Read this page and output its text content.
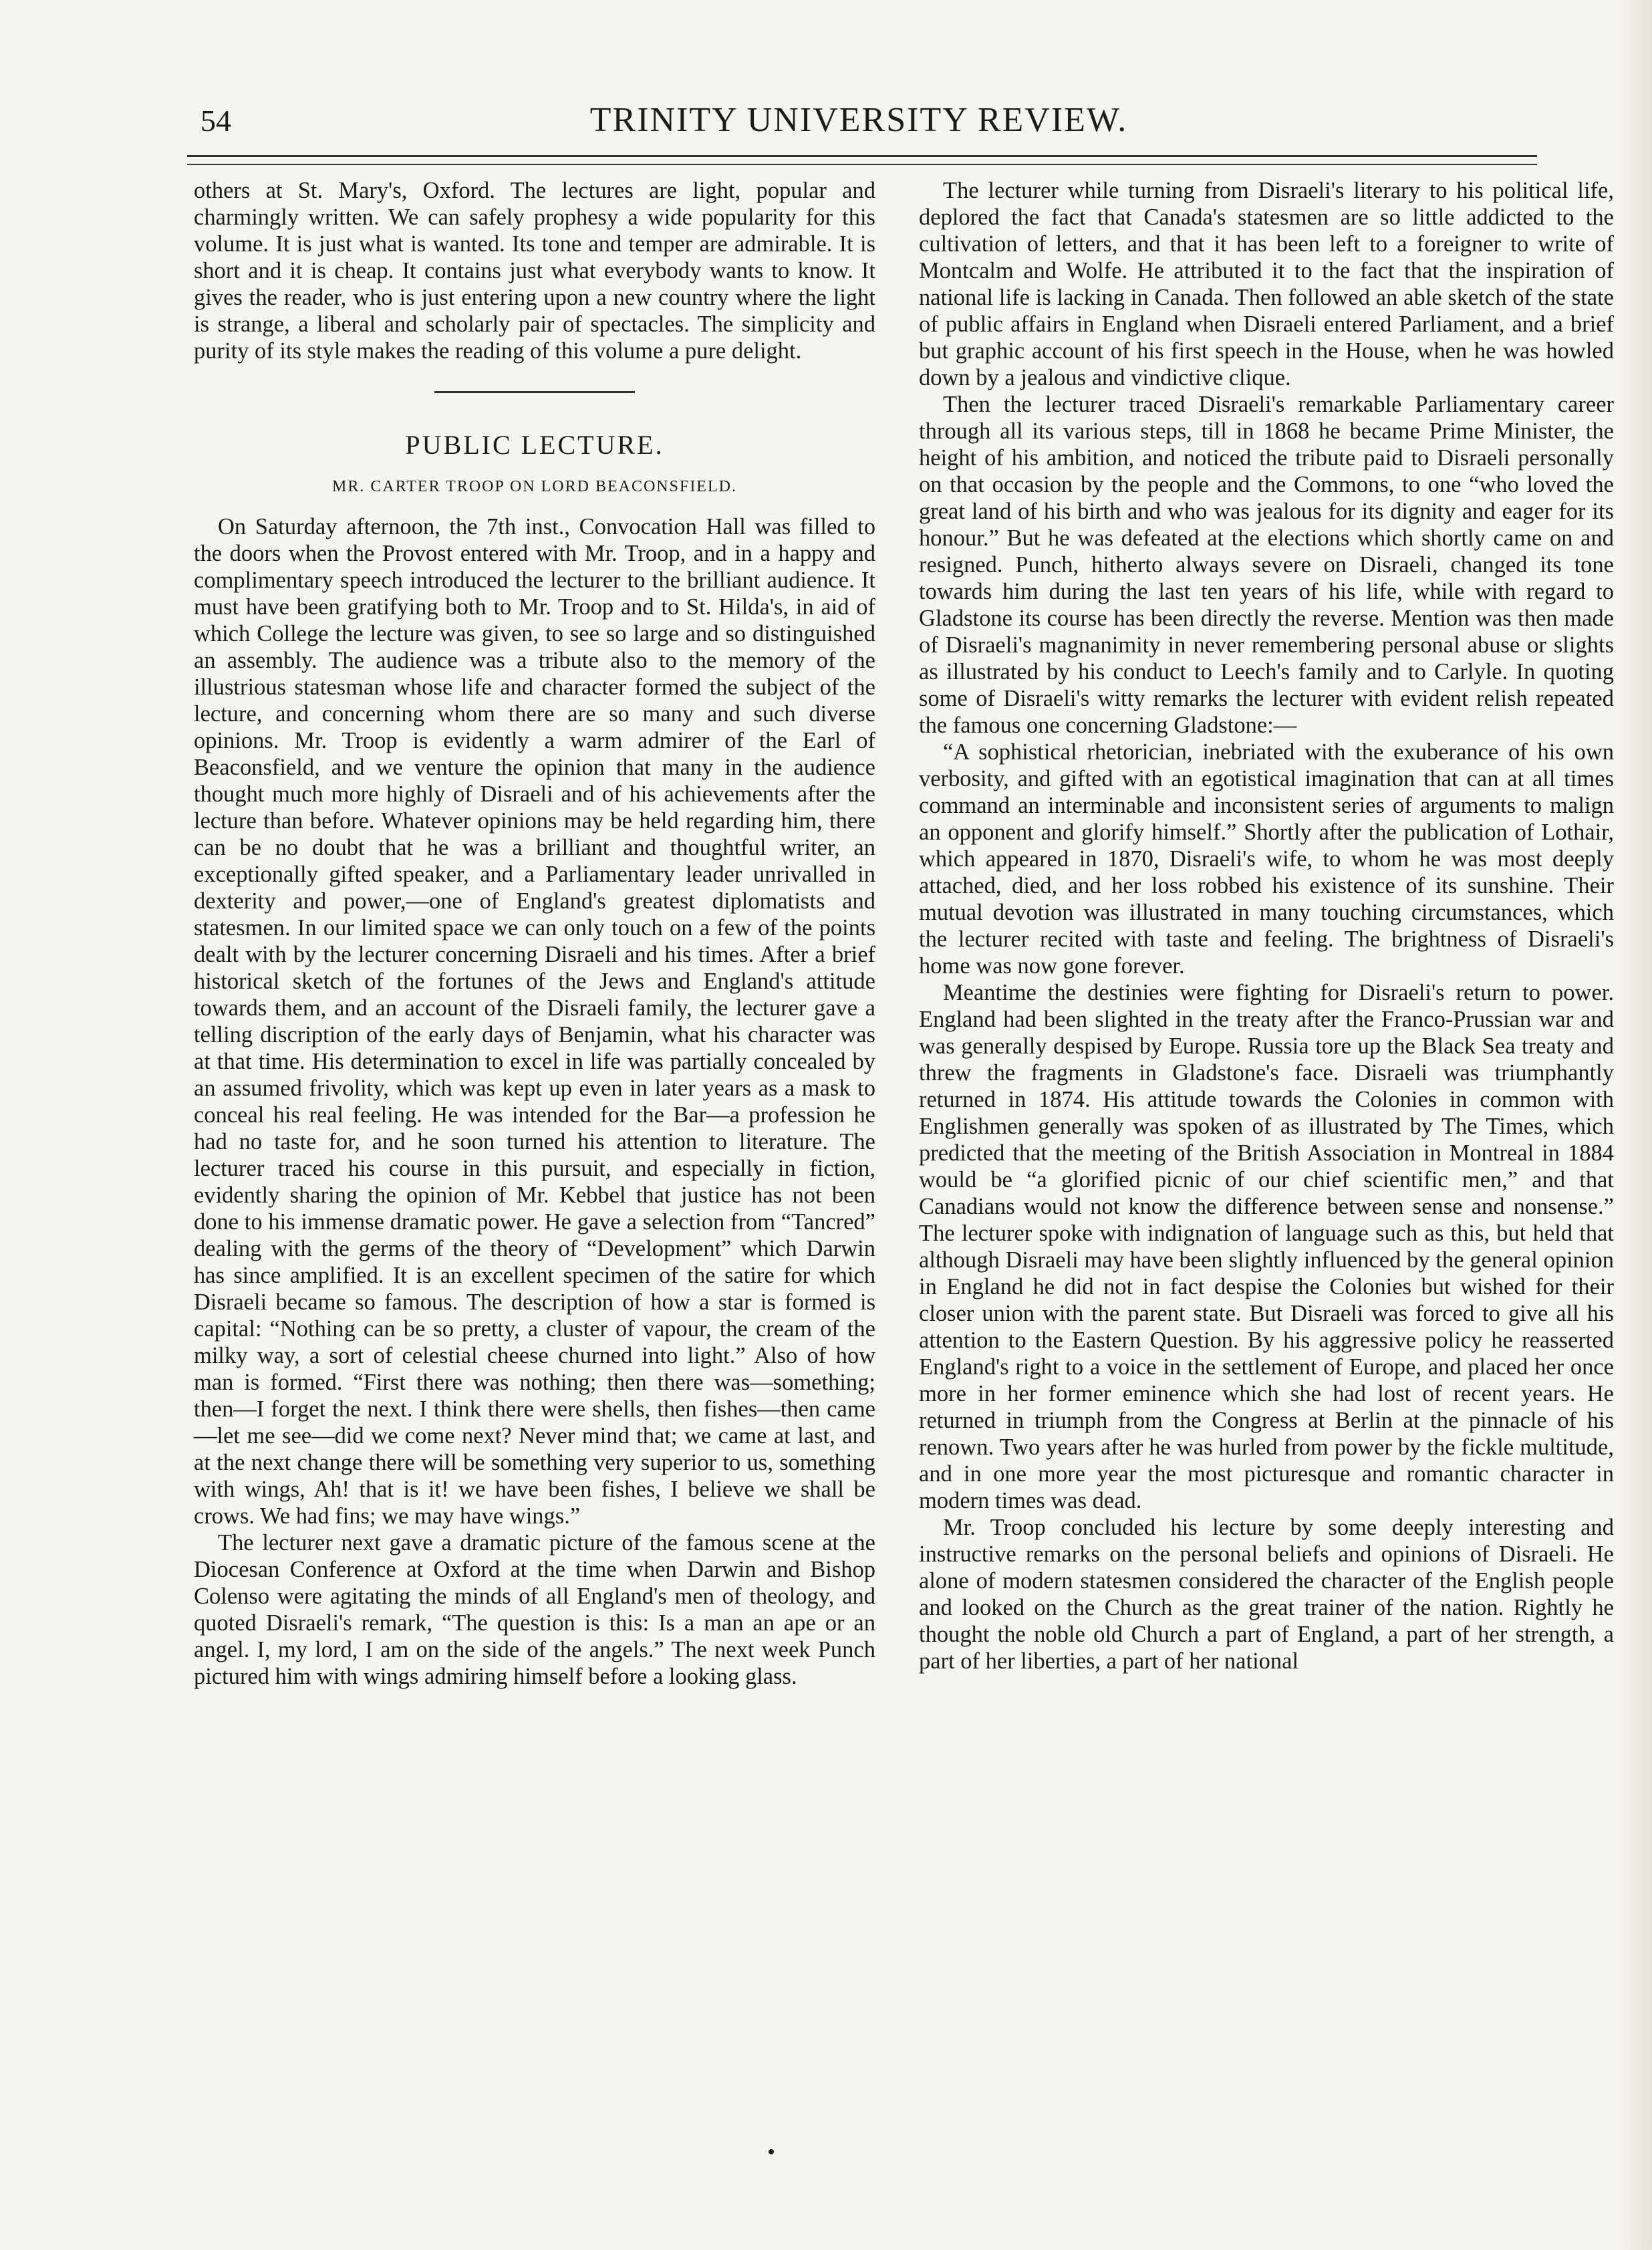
54	TRINITY UNIVERSITY REVIEW.

others at St. Mary's, Oxford. The lectures are light, popular and charmingly written. We can safely prophesy a wide popularity for this volume. It is just what is wanted. Its tone and temper are admirable. It is short and it is cheap. It contains just what everybody wants to know. It gives the reader, who is just entering upon a new country where the light is strange, a liberal and scholarly pair of spectacles. The simplicity and purity of its style makes the reading of this volume a pure delight.

PUBLIC LECTURE.
MR. CARTER TROOP ON LORD BEACONSFIELD.

On Saturday afternoon, the 7th inst., Convocation Hall was filled to the doors when the Provost entered with Mr. Troop, and in a happy and complimentary speech introduced the lecturer to the brilliant audience. It must have been gratifying both to Mr. Troop and to St. Hilda's, in aid of which College the lecture was given, to see so large and so distinguished an assembly. The audience was a tribute also to the memory of the illustrious statesman whose life and character formed the subject of the lecture, and concerning whom there are so many and such diverse opinions. Mr. Troop is evidently a warm admirer of the Earl of Beaconsfield, and we venture the opinion that many in the audience thought much more highly of Disraeli and of his achievements after the lecture than before. Whatever opinions may be held regarding him, there can be no doubt that he was a brilliant and thoughtful writer, an exceptionally gifted speaker, and a Parliamentary leader unrivalled in dexterity and power,—one of England's greatest diplomatists and statesmen. In our limited space we can only touch on a few of the points dealt with by the lecturer concerning Disraeli and his times. After a brief historical sketch of the fortunes of the Jews and England's attitude towards them, and an account of the Disraeli family, the lecturer gave a telling discription of the early days of Benjamin, what his character was at that time. His determination to excel in life was partially concealed by an assumed frivolity, which was kept up even in later years as a mask to conceal his real feeling. He was intended for the Bar—a profession he had no taste for, and he soon turned his attention to literature. The lecturer traced his course in this pursuit, and especially in fiction, evidently sharing the opinion of Mr. Kebbel that justice has not been done to his immense dramatic power. He gave a selection from “Tancred” dealing with the germs of the theory of “Development” which Darwin has since amplified. It is an excellent specimen of the satire for which Disraeli became so famous. The description of how a star is formed is capital: “Nothing can be so pretty, a cluster of vapour, the cream of the milky way, a sort of celestial cheese churned into light.” Also of how man is formed. “First there was nothing; then there was—something; then—I forget the next. I think there were shells, then fishes—then came—let me see—did we come next? Never mind that; we came at last, and at the next change there will be something very superior to us, something with wings, Ah! that is it! we have been fishes, I believe we shall be crows. We had fins; we may have wings.”

The lecturer next gave a dramatic picture of the famous scene at the Diocesan Conference at Oxford at the time when Darwin and Bishop Colenso were agitating the minds of all England's men of theology, and quoted Disraeli's remark, “The question is this: Is a man an ape or an angel. I, my lord, I am on the side of the angels.” The next week Punch pictured him with wings admiring himself before a looking glass.

The lecturer while turning from Disraeli's literary to his political life, deplored the fact that Canada's statesmen are so little addicted to the cultivation of letters, and that it has been left to a foreigner to write of Montcalm and Wolfe. He attributed it to the fact that the inspiration of national life is lacking in Canada. Then followed an able sketch of the state of public affairs in England when Disraeli entered Parliament, and a brief but graphic account of his first speech in the House, when he was howled down by a jealous and vindictive clique.

Then the lecturer traced Disraeli's remarkable Parliamentary career through all its various steps, till in 1868 he became Prime Minister, the height of his ambition, and noticed the tribute paid to Disraeli personally on that occasion by the people and the Commons, to one “who loved the great land of his birth and who was jealous for its dignity and eager for its honour.” But he was defeated at the elections which shortly came on and resigned. Punch, hitherto always severe on Disraeli, changed its tone towards him during the last ten years of his life, while with regard to Gladstone its course has been directly the reverse. Mention was then made of Disraeli's magnanimity in never remembering personal abuse or slights as illustrated by his conduct to Leech's family and to Carlyle. In quoting some of Disraeli's witty remarks the lecturer with evident relish repeated the famous one concerning Gladstone:—

“A sophistical rhetorician, inebriated with the exuberance of his own verbosity, and gifted with an egotistical imagination that can at all times command an interminable and inconsistent series of arguments to malign an opponent and glorify himself.” Shortly after the publication of Lothair, which appeared in 1870, Disraeli's wife, to whom he was most deeply attached, died, and her loss robbed his existence of its sunshine. Their mutual devotion was illustrated in many touching circumstances, which the lecturer recited with taste and feeling. The brightness of Disraeli's home was now gone forever.

Meantime the destinies were fighting for Disraeli's return to power. England had been slighted in the treaty after the Franco-Prussian war and was generally despised by Europe. Russia tore up the Black Sea treaty and threw the fragments in Gladstone's face. Disraeli was triumphantly returned in 1874. His attitude towards the Colonies in common with Englishmen generally was spoken of as illustrated by The Times, which predicted that the meeting of the British Association in Montreal in 1884 would be “a glorified picnic of our chief scientific men,” and that Canadians would not know the difference between sense and nonsense.” The lecturer spoke with indignation of language such as this, but held that although Disraeli may have been slightly influenced by the general opinion in England he did not in fact despise the Colonies but wished for their closer union with the parent state. But Disraeli was forced to give all his attention to the Eastern Question. By his aggressive policy he reasserted England's right to a voice in the settlement of Europe, and placed her once more in her former eminence which she had lost of recent years. He returned in triumph from the Congress at Berlin at the pinnacle of his renown. Two years after he was hurled from power by the fickle multitude, and in one more year the most picturesque and romantic character in modern times was dead.

Mr. Troop concluded his lecture by some deeply interesting and instructive remarks on the personal beliefs and opinions of Disraeli. He alone of modern statesmen considered the character of the English people and looked on the Church as the great trainer of the nation. Rightly he thought the noble old Church a part of England, a part of her strength, a part of her liberties, a part of her national
